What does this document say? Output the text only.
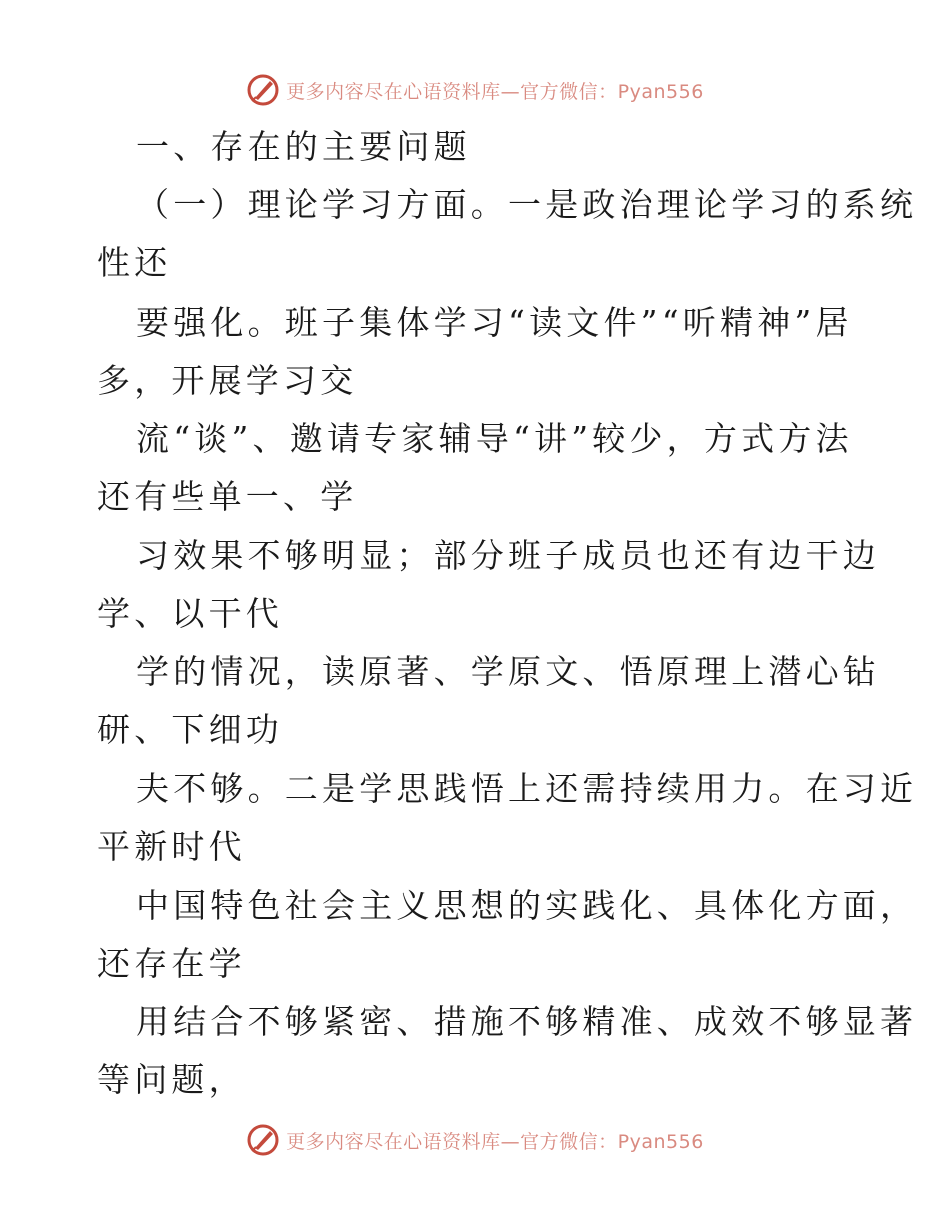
更多内容尽在心语资料库—官方微信：Pyan556
一、存在的主要问题
（一）理论学习方面。一是政治理论学习的系统
性还
要强化。班子集体学习“读文件”“听精神”居
多，开展学习交
流“谈”、邀请专家辅导“讲”较少，方式方法
还有些单一、学
习效果不够明显；部分班子成员也还有边干边
学、以干代
学的情况，读原著、学原文、悟原理上潜心钻
研、下细功
夫不够。二是学思践悟上还需持续用力。在习近
平新时代
中国特色社会主义思想的实践化、具体化方面，
还存在学
用结合不够紧密、措施不够精准、成效不够显著
等问题，
更多内容尽在心语资料库—官方微信：Pyan556
